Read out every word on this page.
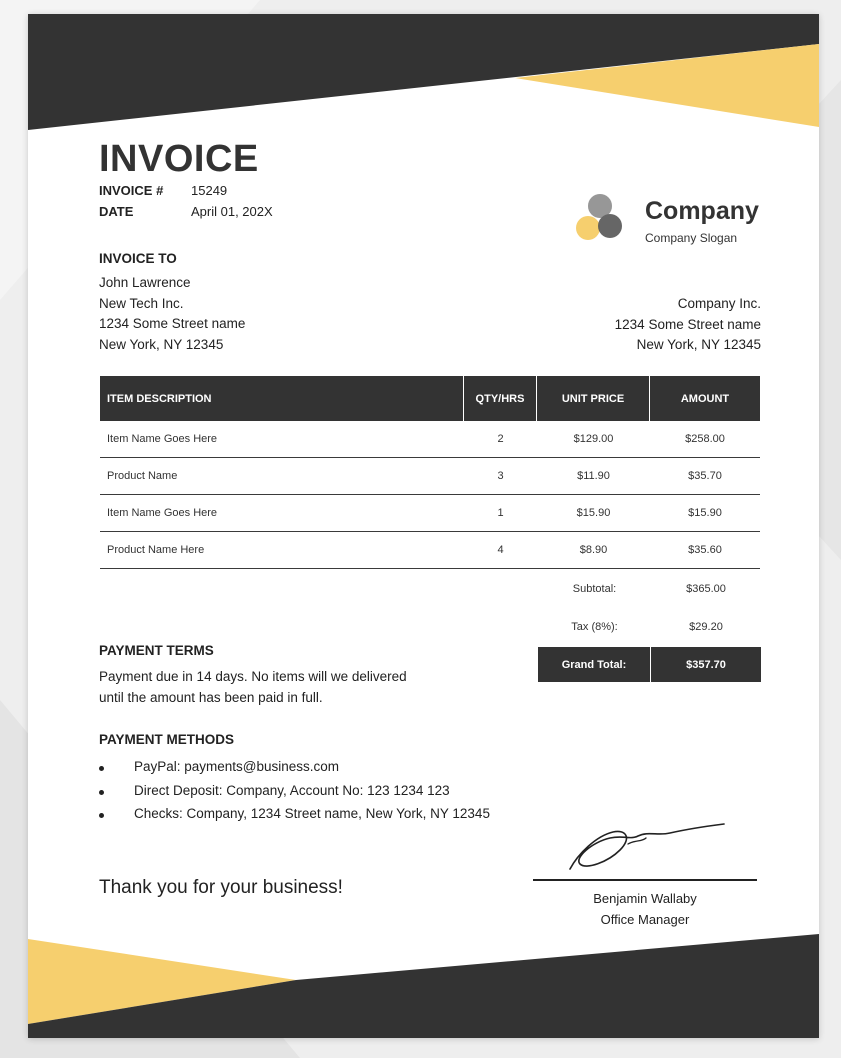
INVOICE
INVOICE # 15249
DATE	April 01, 202X	Company
Company Slogan
INVOICE TO
John Lawrence
New Tech Inc.
1234 Some Street name
New York, NY 12345
Company Inc.
1234 Some Street name
New York, NY 12345
ITEM DESCRIPTION	QTY/HRS	UNIT PRICE	AMOUNT
Item Name Goes Here	2	$129.00	$258.00
Product Name	3	$11.90	$35.70
Item Name Goes Here	1	$15.90	$15.90
Product Name Here	4	$8.90	$35.60
Subtotal:	$365.00
Tax (8%):	$29.20
Grand Total:	$357.70
PAYMENT TERMS
Payment due in 14 days. No items will we delivered
until the amount has been paid in full.
PAYMENT METHODS
PayPal: payments@business.com
Direct Deposit: Company, Account No: 123 1234 123
Checks: Company, 1234 Street name, New York, NY 12345
Thank you for your business!
Benjamin Wallaby
Office Manager
